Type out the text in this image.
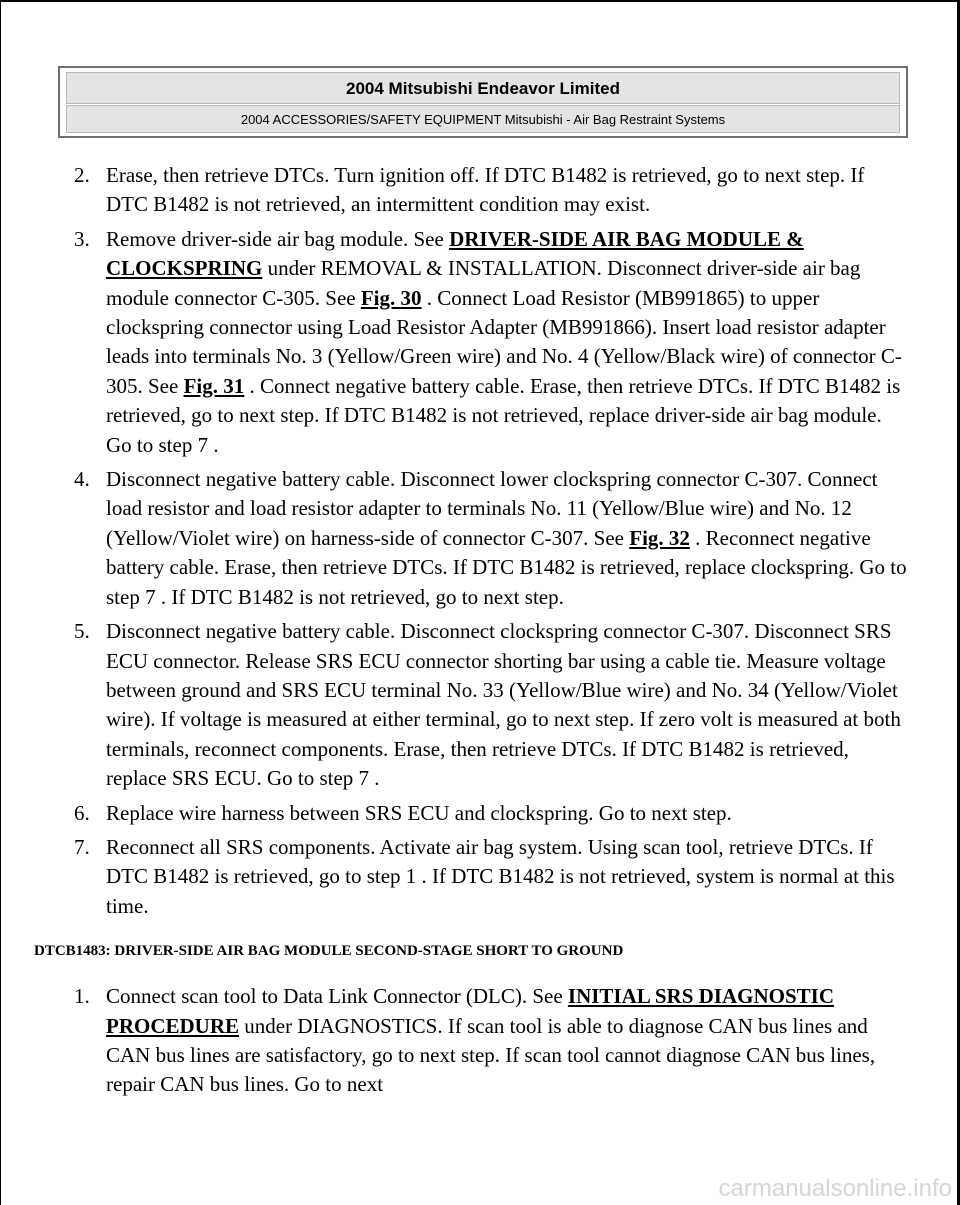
2004 Mitsubishi Endeavor Limited
2004 ACCESSORIES/SAFETY EQUIPMENT Mitsubishi - Air Bag Restraint Systems
2. Erase, then retrieve DTCs. Turn ignition off. If DTC B1482 is retrieved, go to next step. If DTC B1482 is not retrieved, an intermittent condition may exist.
3. Remove driver-side air bag module. See DRIVER-SIDE AIR BAG MODULE & CLOCKSPRING under REMOVAL & INSTALLATION. Disconnect driver-side air bag module connector C-305. See Fig. 30 . Connect Load Resistor (MB991865) to upper clockspring connector using Load Resistor Adapter (MB991866). Insert load resistor adapter leads into terminals No. 3 (Yellow/Green wire) and No. 4 (Yellow/Black wire) of connector C-305. See Fig. 31 . Connect negative battery cable. Erase, then retrieve DTCs. If DTC B1482 is retrieved, go to next step. If DTC B1482 is not retrieved, replace driver-side air bag module. Go to step 7 .
4. Disconnect negative battery cable. Disconnect lower clockspring connector C-307. Connect load resistor and load resistor adapter to terminals No. 11 (Yellow/Blue wire) and No. 12 (Yellow/Violet wire) on harness-side of connector C-307. See Fig. 32 . Reconnect negative battery cable. Erase, then retrieve DTCs. If DTC B1482 is retrieved, replace clockspring. Go to step 7 . If DTC B1482 is not retrieved, go to next step.
5. Disconnect negative battery cable. Disconnect clockspring connector C-307. Disconnect SRS ECU connector. Release SRS ECU connector shorting bar using a cable tie. Measure voltage between ground and SRS ECU terminal No. 33 (Yellow/Blue wire) and No. 34 (Yellow/Violet wire). If voltage is measured at either terminal, go to next step. If zero volt is measured at both terminals, reconnect components. Erase, then retrieve DTCs. If DTC B1482 is retrieved, replace SRS ECU. Go to step 7 .
6. Replace wire harness between SRS ECU and clockspring. Go to next step.
7. Reconnect all SRS components. Activate air bag system. Using scan tool, retrieve DTCs. If DTC B1482 is retrieved, go to step 1 . If DTC B1482 is not retrieved, system is normal at this time.
DTCB1483: DRIVER-SIDE AIR BAG MODULE SECOND-STAGE SHORT TO GROUND
1. Connect scan tool to Data Link Connector (DLC). See INITIAL SRS DIAGNOSTIC PROCEDURE under DIAGNOSTICS. If scan tool is able to diagnose CAN bus lines and CAN bus lines are satisfactory, go to next step. If scan tool cannot diagnose CAN bus lines, repair CAN bus lines. Go to next
carmanualsonline.info
